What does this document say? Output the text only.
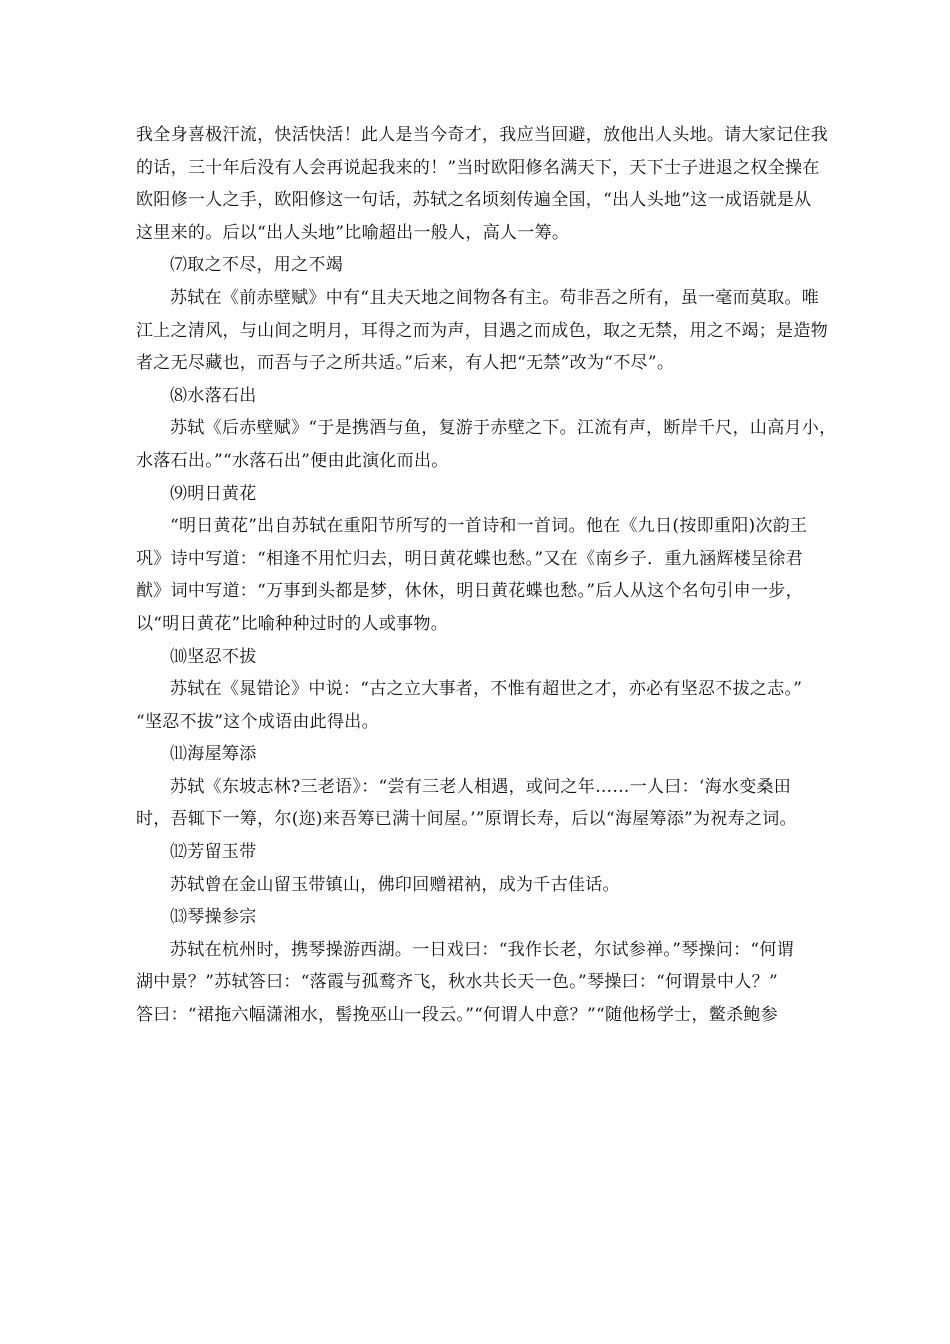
我全身喜极汗流，快活快活！此人是当今奇才，我应当回避，放他出人头地。请大家记住我
的话，三十年后没有人会再说起我来的！”当时欧阳修名满天下，天下士子进退之权全操在
欧阳修一人之手，欧阳修这一句话，苏轼之名顷刻传遍全国，“出人头地”这一成语就是从
这里来的。后以“出人头地”比喻超出一般人，高人一筹。
⑺取之不尽，用之不竭
苏轼在《前赤壁赋》中有“且夫天地之间物各有主。苟非吾之所有，虽一毫而莫取。唯
江上之清风，与山间之明月，耳得之而为声，目遇之而成色，取之无禁，用之不竭；是造物
者之无尽藏也，而吾与子之所共适。”后来，有人把“无禁”改为“不尽”。
⑻水落石出
苏轼《后赤壁赋》“于是携酒与鱼，复游于赤壁之下。江流有声，断岸千尺，山高月小，
水落石出。”“水落石出”便由此演化而出。
⑼明日黄花
“明日黄花”出自苏轼在重阳节所写的一首诗和一首词。他在《九日(按即重阳)次韵王
巩》诗中写道：“相逢不用忙归去，明日黄花蝶也愁。”又在《南乡子．重九涵辉楼呈徐君
猷》词中写道：“万事到头都是梦，休休，明日黄花蝶也愁。”后人从这个名句引申一步，
以“明日黄花”比喻种种过时的人或事物。
⑽坚忍不拔
苏轼在《晁错论》中说：“古之立大事者，不惟有超世之才，亦必有坚忍不拔之志。”
“坚忍不拔”这个成语由此得出。
⑾海屋筹添
苏轼《东坡志林?三老语》：“尝有三老人相遇，或问之年……一人曰：‘海水变桑田
时，吾辄下一筹，尔(迩)来吾筹已满十间屋。’”原谓长寿，后以“海屋筹添”为祝寿之词。
⑿芳留玉带
苏轼曾在金山留玉带镇山，佛印回赠裙衲，成为千古佳话。
⒀琴操参宗
苏轼在杭州时，携琴操游西湖。一日戏曰：“我作长老，尔试参禅。”琴操问：“何谓
湖中景？”苏轼答曰：“落霞与孤鹜齐飞，秋水共长天一色。”琴操曰：“何谓景中人？”
答曰：“裙拖六幅潇湘水，髻挽巫山一段云。”“何谓人中意？”“随他杨学士，鳖杀鲍参
